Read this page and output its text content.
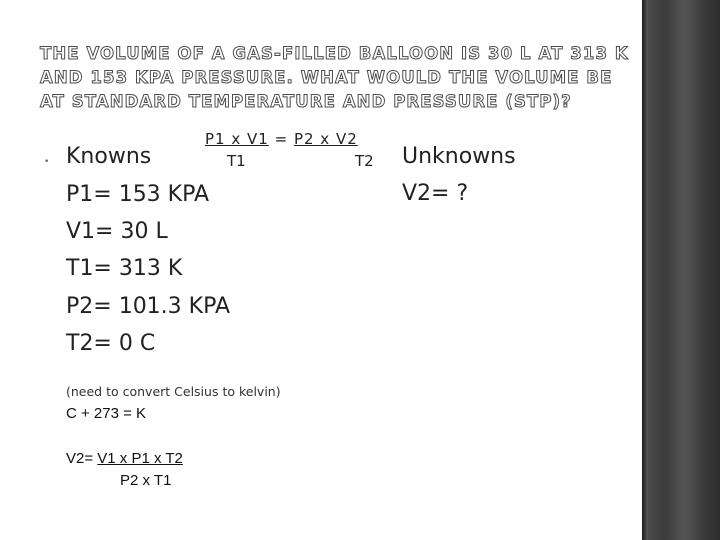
THE VOLUME OF A GAS-FILLED BALLOON IS 30 L AT 313 K AND 153 KPA PRESSURE. WHAT WOULD THE VOLUME BE AT STANDARD TEMPERATURE AND PRESSURE (STP)?
• Knowns
P1= 153 KPA
V1= 30 L
T1= 313 K
P2= 101.3 KPA
T2= 0 C
P1 x V1 = P2 x V2
T1	T2 Unknowns
V2= ?
(need to convert Celsius to kelvin)
C + 273 = K
V2= V1 x P1 x T2
P2 x T1
